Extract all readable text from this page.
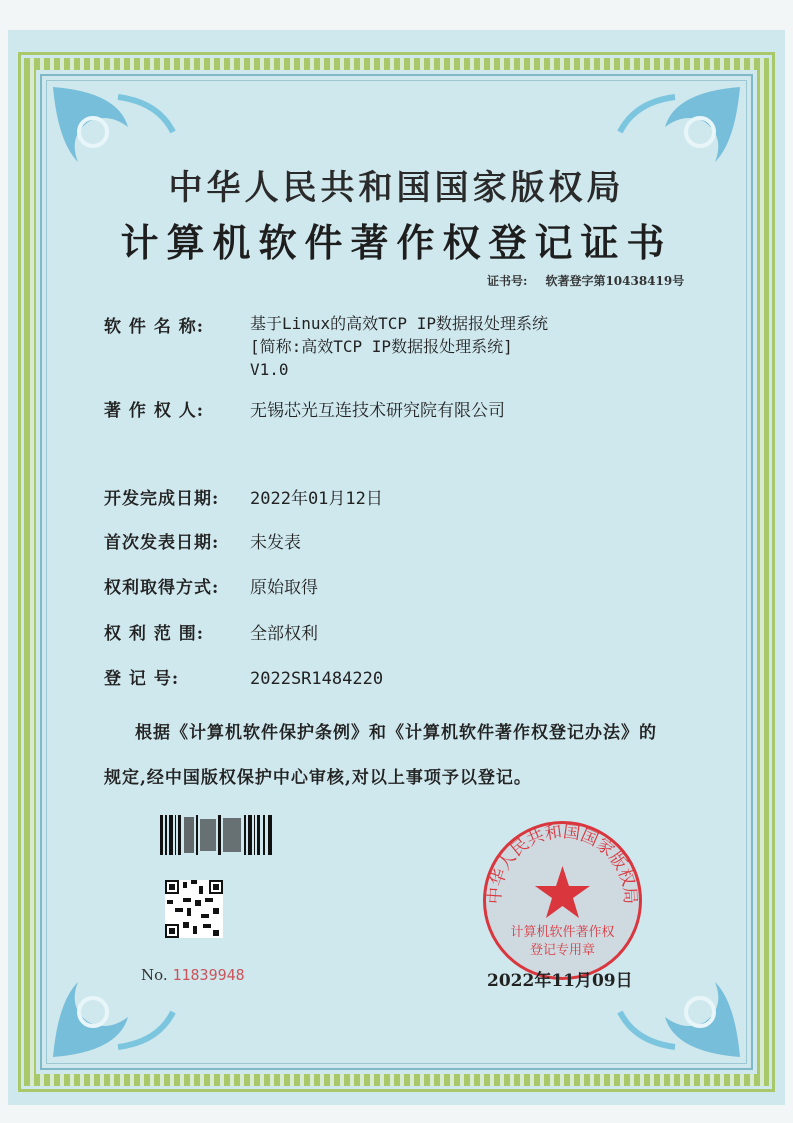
中华人民共和国国家版权局
计算机软件著作权登记证书
证书号: 软著登字第10438419号
软 件 名 称:	基于Linux的高效TCP IP数据报处理系统
[简称:高效TCP IP数据报处理系统]
V1.0
著 作 权 人:	无锡芯光互连技术研究院有限公司
开发完成日期: 2022年01月12日
首次发表日期: 未发表
权利取得方式: 原始取得
权 利 范 围:	全部权利
登 记 号:	2022SR1484220
根据《计算机软件保护条例》和《计算机软件著作权登记办法》的
规定,经中国版权保护中心审核,对以上事项予以登记。
No. 11839948
中华人民共和国国家版权局
计算机软件著作权
登记专用章
2022年11月09日
